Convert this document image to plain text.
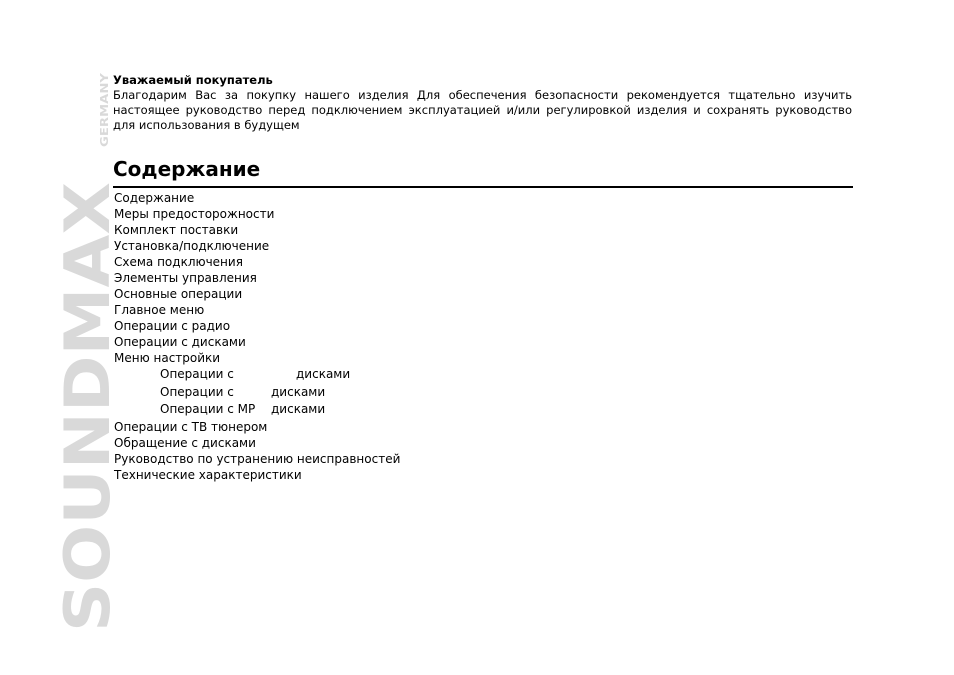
SOUNDMAX
GERMANY

Уважаемый покупатель

Благодарим Вас за покупку нашего изделия Для обеспечения безопасности рекомендуется тщательно изучить настоящее руководство перед подключением эксплуатацией и/или регулировкой изделия и сохранять руководство для использования в будущем

Содержание
Содержание
Меры предосторожности
Комплект поставки
Установка/подключение
Схема подключения
Элементы управления
Основные операции
Главное меню
Операции с радио
Операции с дисками
Меню настройки
Операции с	дисками
Операции с	дисками
Операции с MP дисками
Операции с ТВ тюнером
Обращение с дисками
Руководство по устранению неисправностей
Технические характеристики
